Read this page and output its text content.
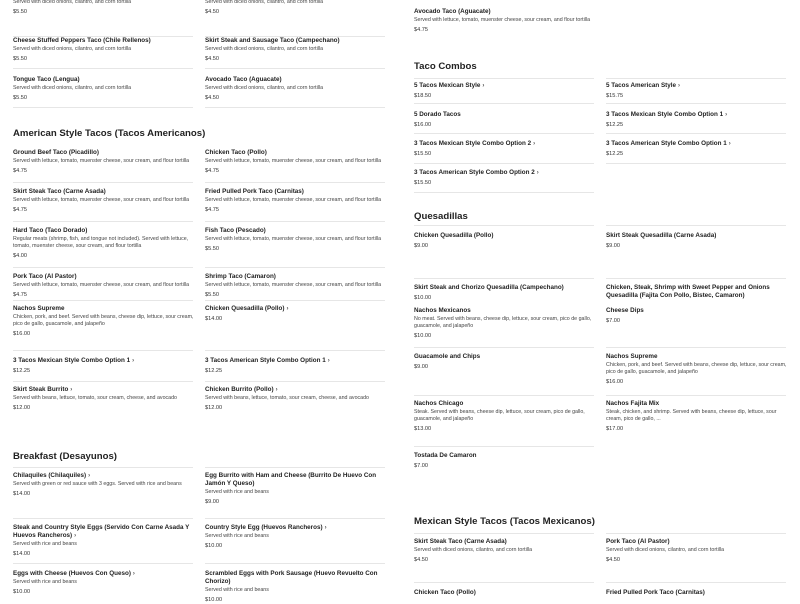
Taco Combos
American Style Tacos (Tacos Americanos)
Quesadillas
Breakfast (Desayunos)
Mexican Style Tacos (Tacos Mexicanos)
Served with diced onions, cilantro, and corn tortilla
$5.50
Served with diced onions, cilantro, and corn tortilla
$4.50	Avocado Taco (Aguacate)
Served with lettuce, tomato, muenster cheese, sour cream, and flour tortilla
$4.75
Cheese Stuffed Peppers Taco (Chile Rellenos)
Served with diced onions, cilantro, and corn tortilla
$5.50
Skirt Steak and Sausage Taco (Campechano)
Served with diced onions, cilantro, and corn tortilla
$4.50
Tongue Taco (Lengua)
Served with diced onions, cilantro, and corn tortilla
$5.50
Avocado Taco (Aguacate)
Served with diced onions, cilantro, and corn tortilla
$4.50
Ground Beef Taco (Picadillo)
Served with lettuce, tomato, muenster cheese, sour cream, and flour tortilla
$4.75
Chicken Taco (Pollo)
Served with lettuce, tomato, muenster cheese, sour cream, and flour tortilla
$4.75
Skirt Steak Taco (Carne Asada)
Served with lettuce, tomato, muenster cheese, sour cream, and flour tortilla
$4.75
Fried Pulled Pork Taco (Carnitas)
Served with lettuce, tomato, muenster cheese, sour cream, and flour tortilla
$4.75
Hard Taco (Taco Dorado)
Regular meats (shrimp, fish, and tongue not included). Served with lettuce, tomato, muenster cheese, sour cream, and flour tortilla
$4.00
Fish Taco (Pescado)
Served with lettuce, tomato, muenster cheese, sour cream, and flour tortilla
$5.50
Pork Taco (Al Pastor)
Served with lettuce, tomato, muenster cheese, sour cream, and flour tortilla
$4.75
Shrimp Taco (Camaron)
Served with lettuce, tomato, muenster cheese, sour cream, and flour tortilla
$5.50
Nachos Supreme
Chicken, pork, and beef. Served with beans, cheese dip, lettuce, sour cream, pico de gallo, guacamole, and jalapeño
$16.00
Chicken Quesadilla (Pollo) ›
$14.00
3 Tacos Mexican Style Combo Option 1 ›
$12.25
3 Tacos American Style Combo Option 1 ›
$12.25
Skirt Steak Burrito ›
Served with beans, lettuce, tomato, sour cream, cheese, and avocado
$12.00
Chicken Burrito (Pollo) ›
Served with beans, lettuce, tomato, sour cream, cheese, and avocado
$12.00
Chilaquiles (Chilaquiles) ›
Served with green or red sauce with 3 eggs. Served with rice and beans
$14.00
Egg Burrito with Ham and Cheese (Burrito De Huevo Con Jamón Y Queso)
Served with rice and beans
$9.00
Steak and Country Style Eggs (Servido Con Carne Asada Y Huevos Rancheros) ›
Served with rice and beans
$14.00
Country Style Egg (Huevos Rancheros) ›
Served with rice and beans
$10.00
Eggs with Cheese (Huevos Con Queso) ›
Served with rice and beans
$10.00
Scrambled Eggs with Pork Sausage (Huevo Revuelto Con Chorizo)
Served with rice and beans
$10.00
5 Tacos Mexican Style ›
$18.50
5 Tacos American Style ›
$15.75
5 Dorado Tacos
$16.00
3 Tacos Mexican Style Combo Option 1 ›
$12.25
3 Tacos Mexican Style Combo Option 2 ›
$15.50
3 Tacos American Style Combo Option 1 ›
$12.25
3 Tacos American Style Combo Option 2 ›
$15.50
Chicken Quesadilla (Pollo)
$9.00
Skirt Steak Quesadilla (Carne Asada)
$9.00
Skirt Steak and Chorizo Quesadilla (Campechano)
$10.00
Chicken, Steak, Shrimp with Sweet Pepper and Onions Quesadilla (Fajita Con Pollo, Bistec, Camaron)
Nachos Mexicanos
No meat. Served with beans, cheese dip, lettuce, sour cream, pico de gallo, guacamole, and jalapeño
$10.00
Cheese Dips
$7.00
Guacamole and Chips
$9.00
Nachos Supreme
Chicken, pork, and beef. Served with beans, cheese dip, lettuce, sour cream, pico de gallo, guacamole, and jalapeño
$16.00
Nachos Chicago
Steak. Served with beans, cheese dip, lettuce, sour cream, pico de gallo, guacamole, and jalapeño
$13.00
Nachos Fajita Mix
Steak, chicken, and shrimp. Served with beans, cheese dip, lettuce, sour cream, pico de gallo, ...
$17.00
Tostada De Camaron
$7.00
Skirt Steak Taco (Carne Asada)
Served with diced onions, cilantro, and corn tortilla
$4.50
Pork Taco (Al Pastor)
Served with diced onions, cilantro, and corn tortilla
$4.50
Chicken Taco (Pollo)	Fried Pulled Pork Taco (Carnitas)
